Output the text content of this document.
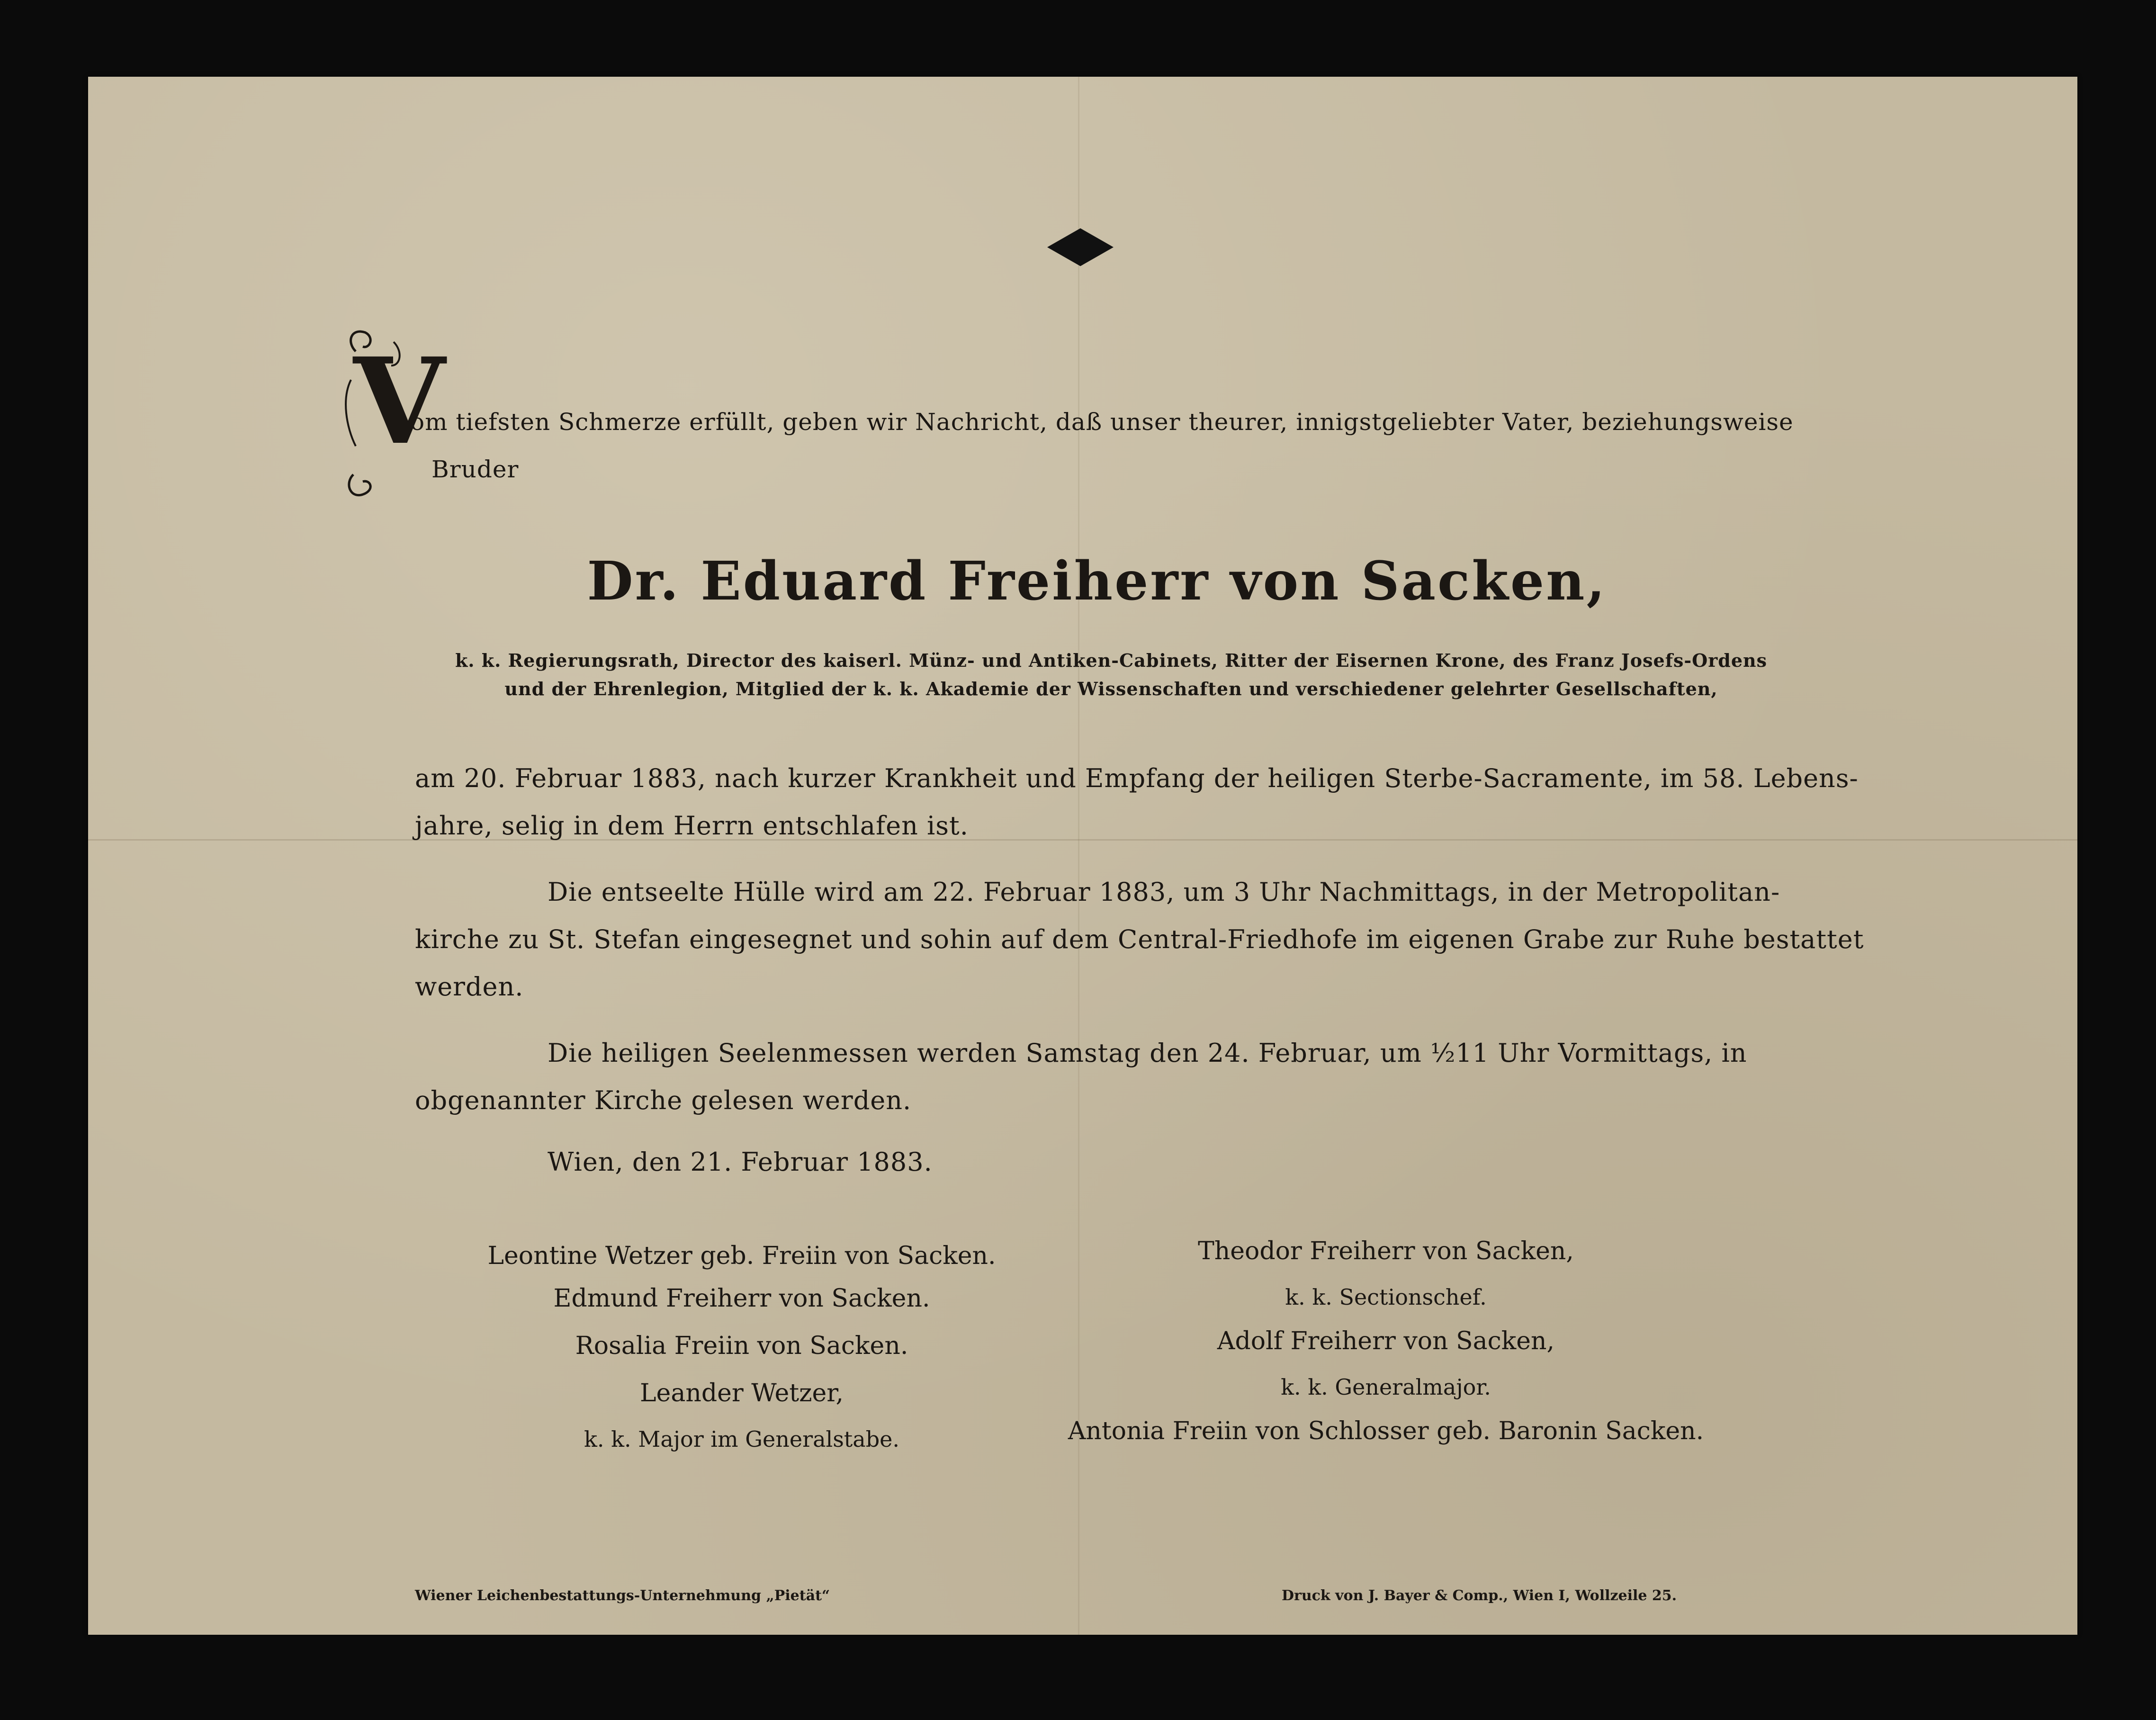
V
om tiefsten Schmerze erfüllt, geben wir Nachricht, daß unser theurer, innigstgeliebter Vater, beziehungsweise
Bruder
Dr. Eduard Freiherr von Sacken,
k. k. Regierungsrath, Director des kaiserl. Münz- und Antiken-Cabinets, Ritter der Eisernen Krone, des Franz Josefs-Ordens
und der Ehrenlegion, Mitglied der k. k. Akademie der Wissenschaften und verschiedener gelehrter Gesellschaften,
am 20. Februar 1883, nach kurzer Krankheit und Empfang der heiligen Sterbe-Sacramente, im 58. Lebens-
jahre, selig in dem Herrn entschlafen ist.
Die entseelte Hülle wird am 22. Februar 1883, um 3 Uhr Nachmittags, in der Metropolitan-
kirche zu St. Stefan eingesegnet und sohin auf dem Central-Friedhofe im eigenen Grabe zur Ruhe bestattet
werden.
Die heiligen Seelenmessen werden Samstag den 24. Februar, um ½11 Uhr Vormittags, in
obgenannter Kirche gelesen werden.
Wien, den 21. Februar 1883.
Leontine Wetzer geb. Freiin von Sacken.
Edmund Freiherr von Sacken.
Rosalia Freiin von Sacken.
Leander Wetzer,
k. k. Major im Generalstabe.
Theodor Freiherr von Sacken,
k. k. Sectionschef.
Adolf Freiherr von Sacken,
k. k. Generalmajor.
Antonia Freiin von Schlosser geb. Baronin Sacken.
Wiener Leichenbestattungs-Unternehmung „Pietät“	Druck von J. Bayer & Comp., Wien I, Wollzeile 25.
